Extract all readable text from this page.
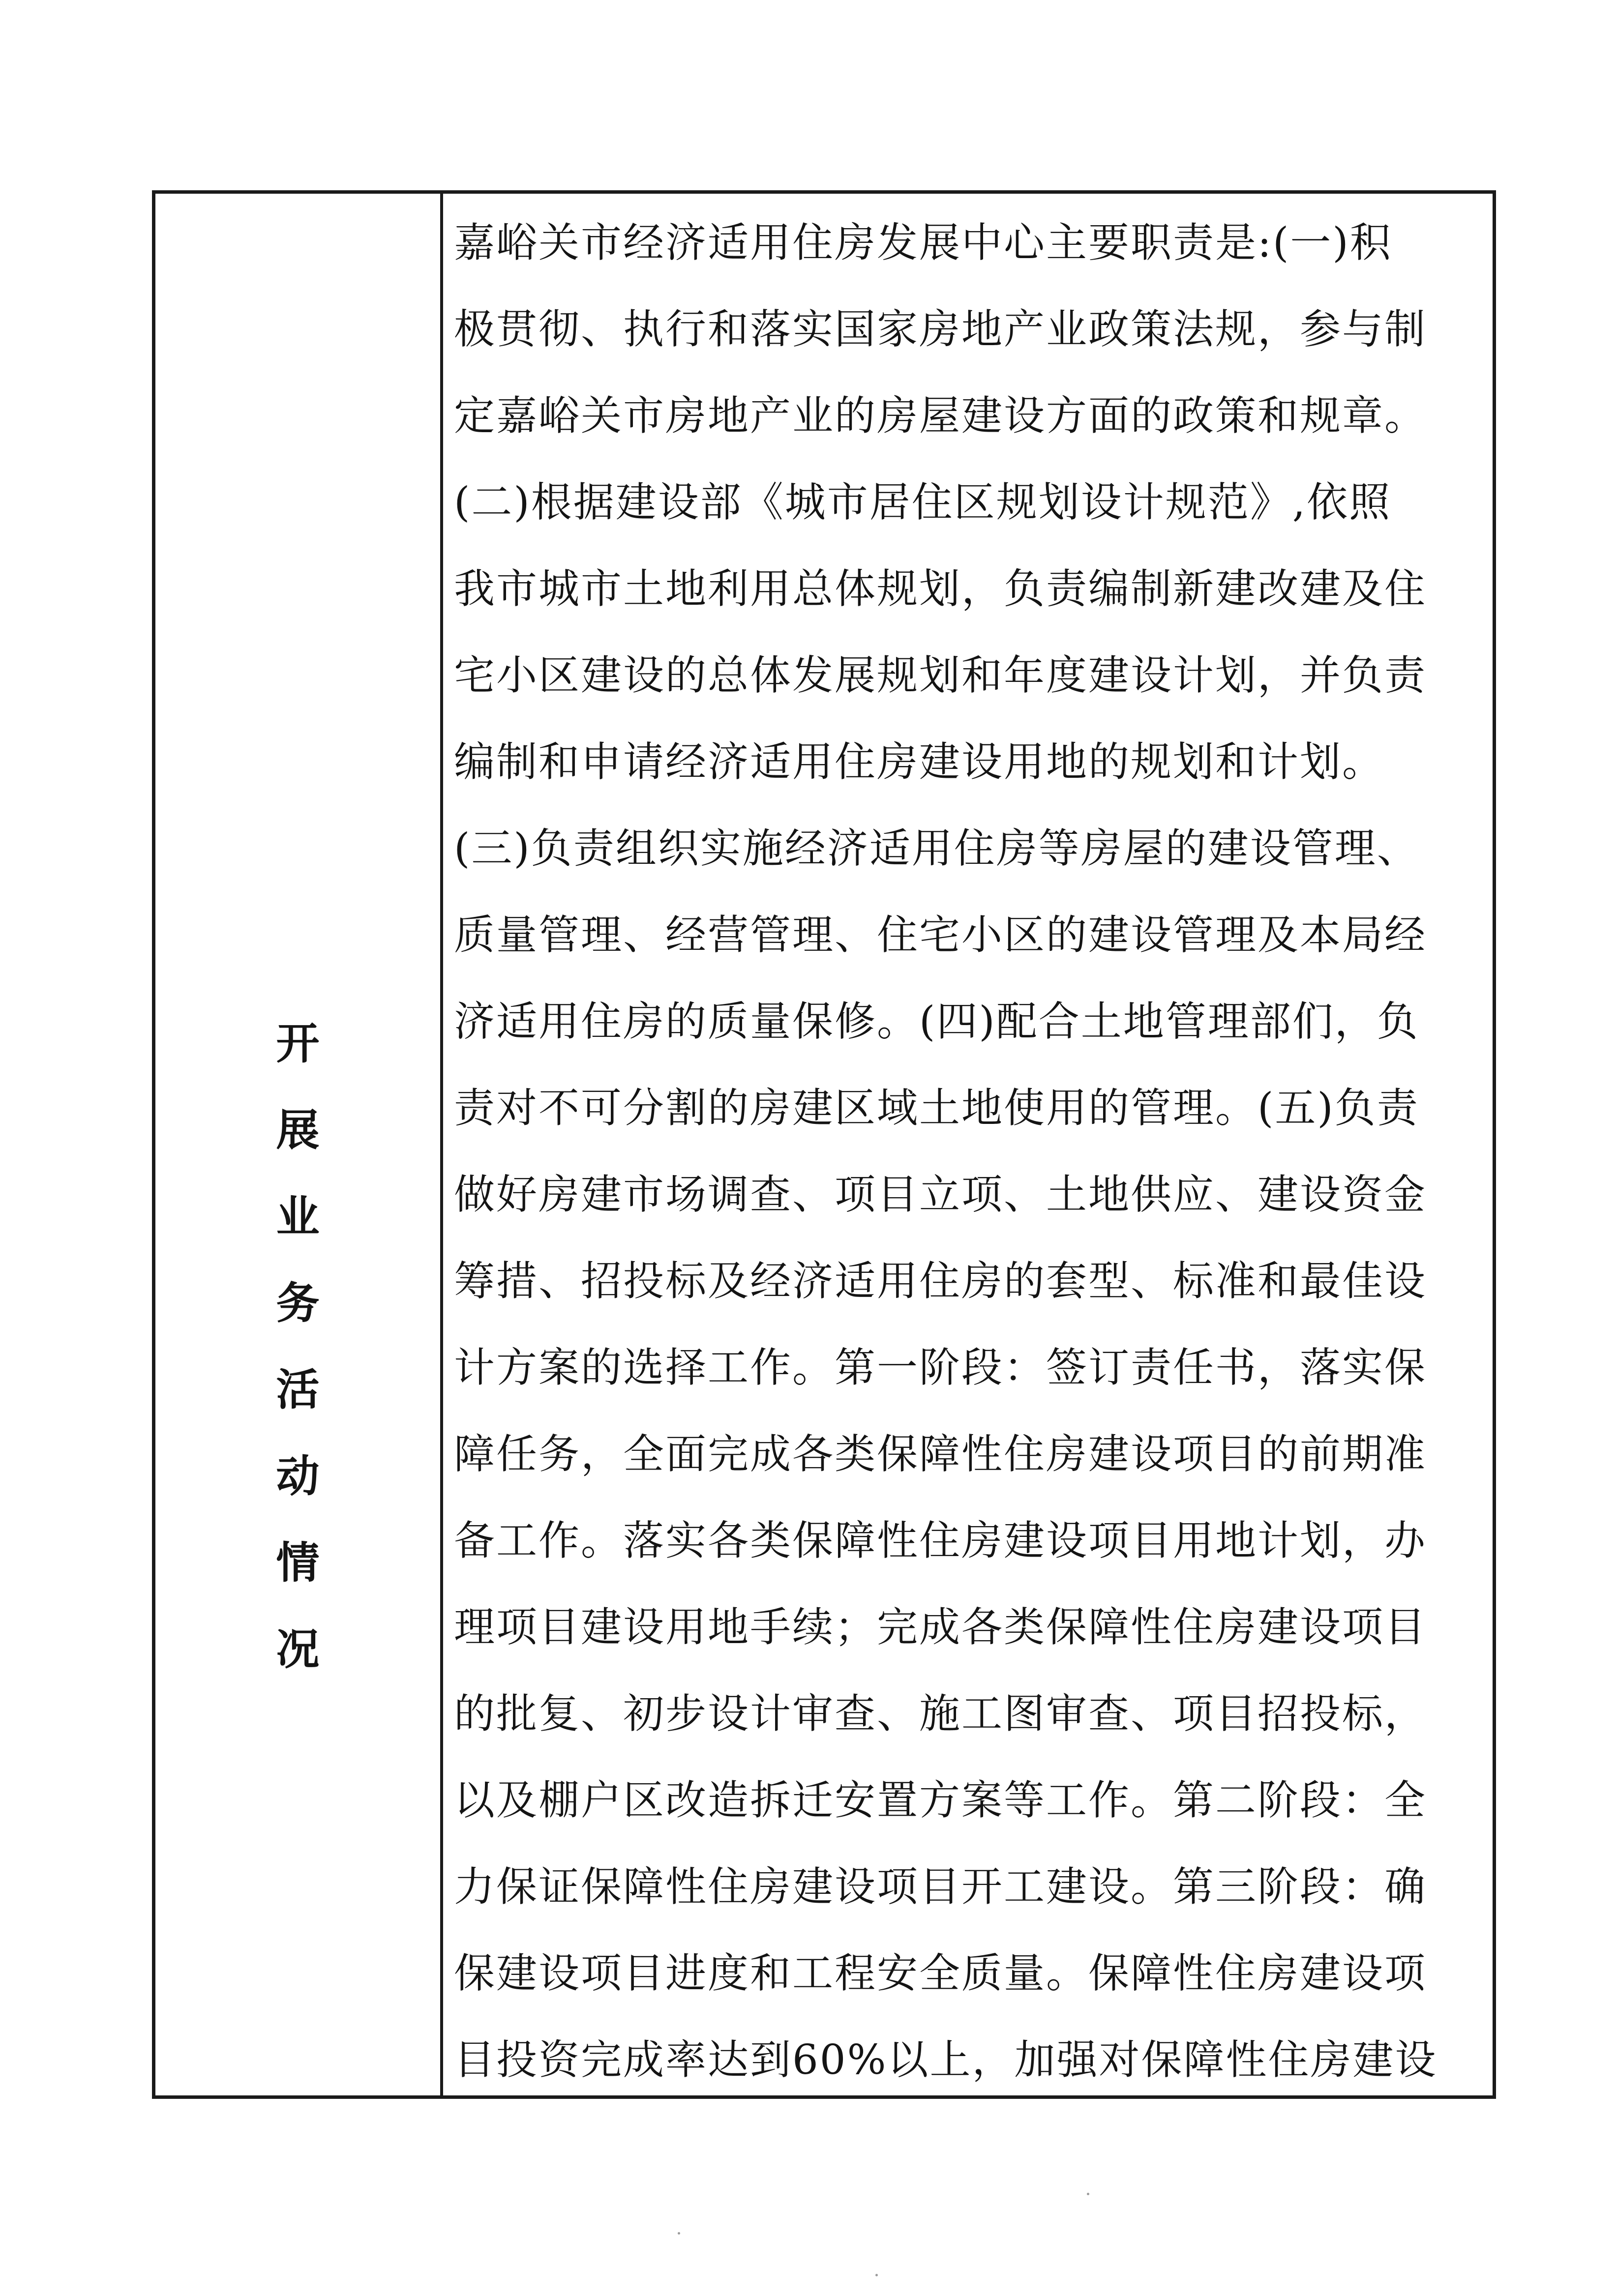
开
展
业
务
活
动
情
况
嘉峪关市经济适用住房发展中心主要职责是:(一)积
极贯彻、执行和落实国家房地产业政策法规，参与制
定嘉峪关市房地产业的房屋建设方面的政策和规章。
(二)根据建设部《城市居住区规划设计规范》,依照
我市城市土地利用总体规划，负责编制新建改建及住
宅小区建设的总体发展规划和年度建设计划，并负责
编制和申请经济适用住房建设用地的规划和计划。
(三)负责组织实施经济适用住房等房屋的建设管理、
质量管理、经营管理、住宅小区的建设管理及本局经
济适用住房的质量保修。(四)配合土地管理部们，负
责对不可分割的房建区域土地使用的管理。(五)负责
做好房建市场调查、项目立项、土地供应、建设资金
筹措、招投标及经济适用住房的套型、标准和最佳设
计方案的选择工作。第一阶段：签订责任书，落实保
障任务，全面完成各类保障性住房建设项目的前期准
备工作。落实各类保障性住房建设项目用地计划，办
理项目建设用地手续；完成各类保障性住房建设项目
的批复、初步设计审查、施工图审查、项目招投标，
以及棚户区改造拆迁安置方案等工作。第二阶段：全
力保证保障性住房建设项目开工建设。第三阶段：确
保建设项目进度和工程安全质量。保障性住房建设项
目投资完成率达到60%以上，加强对保障性住房建设
